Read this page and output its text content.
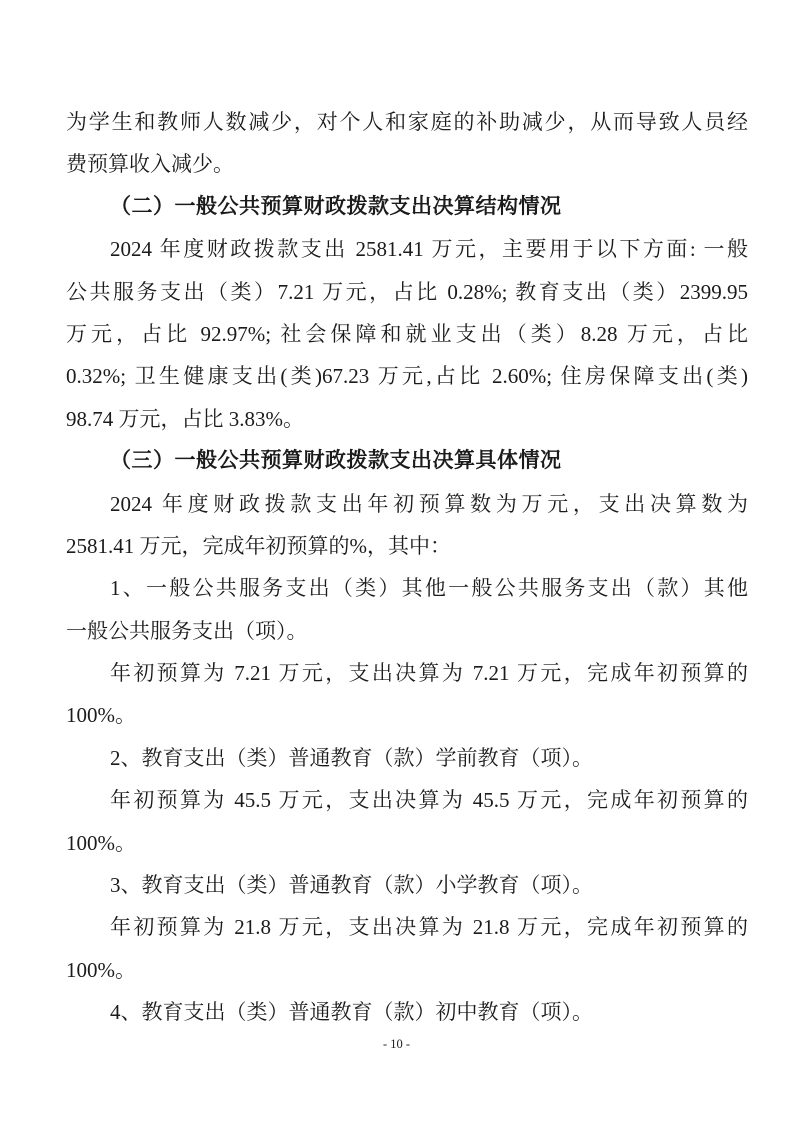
为学生和教师人数减少，对个人和家庭的补助减少，从而导致人员经
费预算收入减少。
（二）一般公共预算财政拨款支出决算结构情况
2024 年度财政拨款支出 2581.41 万元，主要用于以下方面: 一般
公共服务支出（类）7.21 万元，占比 0.28%; 教育支出（类）2399.95
万元，占比 92.97%; 社会保障和就业支出（类）8.28 万元，占比
0.32%; 卫生健康支出(类)67.23 万元,占比 2.60%; 住房保障支出(类)
98.74 万元，占比 3.83%。
（三）一般公共预算财政拨款支出决算具体情况
2024 年度财政拨款支出年初预算数为万元，支出决算数为
2581.41 万元，完成年初预算的%，其中：
1、一般公共服务支出（类）其他一般公共服务支出（款）其他
一般公共服务支出（项）。
年初预算为 7.21 万元，支出决算为 7.21 万元，完成年初预算的
100%。
2、教育支出（类）普通教育（款）学前教育（项）。
年初预算为 45.5 万元，支出决算为 45.5 万元，完成年初预算的
100%。
3、教育支出（类）普通教育（款）小学教育（项）。
年初预算为 21.8 万元，支出决算为 21.8 万元，完成年初预算的
100%。
4、教育支出（类）普通教育（款）初中教育（项）。
- 10 -
